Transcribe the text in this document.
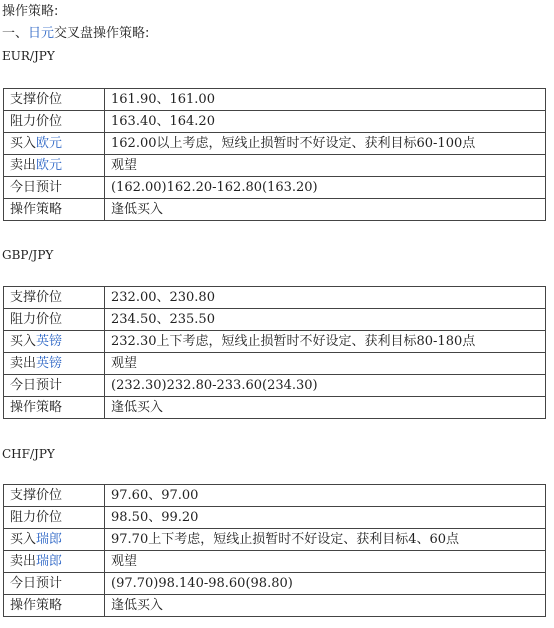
操作策略:
一、日元交叉盘操作策略:
EUR/JPY
支撑价位	161.90、161.00
阻力价位	163.40、164.20
买入欧元	162.00以上考虑，短线止损暂时不好设定、获利目标60-100点
卖出欧元	观望
今日预计	(162.00)162.20-162.80(163.20)
操作策略	逢低买入
GBP/JPY
支撑价位	232.00、230.80
阻力价位	234.50、235.50
买入英镑	232.30上下考虑，短线止损暂时不好设定、获利目标80-180点
卖出英镑	观望
今日预计	(232.30)232.80-233.60(234.30)
操作策略	逢低买入
CHF/JPY
支撑价位	97.60、97.00
阻力价位	98.50、99.20
买入瑞郎	97.70上下考虑，短线止损暂时不好设定、获利目标4、60点
卖出瑞郎	观望
今日预计	(97.70)98.140-98.60(98.80)
操作策略	逢低买入
